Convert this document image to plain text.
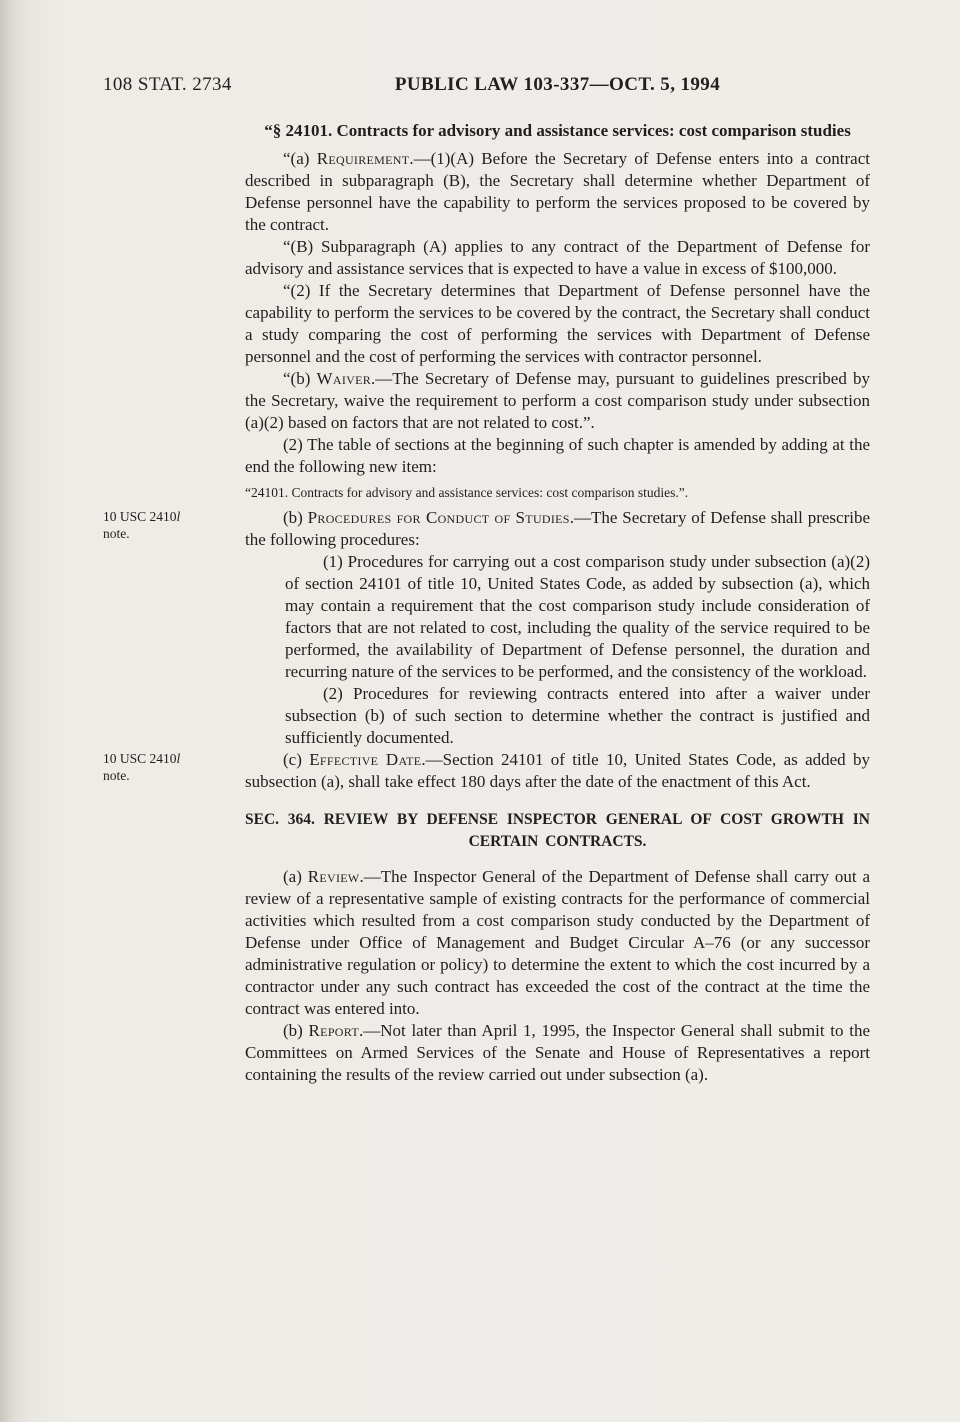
108 STAT. 2734	PUBLIC LAW 103-337—OCT. 5, 1994
“§ 24101. Contracts for advisory and assistance services: cost comparison studies

“(a) Requirement.—(1)(A) Before the Secretary of Defense enters into a contract described in subparagraph (B), the Secretary shall determine whether Department of Defense personnel have the capability to perform the services proposed to be covered by the contract.

“(B) Subparagraph (A) applies to any contract of the Department of Defense for advisory and assistance services that is expected to have a value in excess of $100,000.

“(2) If the Secretary determines that Department of Defense personnel have the capability to perform the services to be covered by the contract, the Secretary shall conduct a study comparing the cost of performing the services with Department of Defense personnel and the cost of performing the services with contractor personnel.

“(b) Waiver.—The Secretary of Defense may, pursuant to guidelines prescribed by the Secretary, waive the requirement to perform a cost comparison study under subsection (a)(2) based on factors that are not related to cost.”.

(2) The table of sections at the beginning of such chapter is amended by adding at the end the following new item:

“24101. Contracts for advisory and assistance services: cost comparison studies.”.

10 USC 2410l note.

(b) Procedures for Conduct of Studies.—The Secretary of Defense shall prescribe the following procedures:

(1) Procedures for carrying out a cost comparison study under subsection (a)(2) of section 24101 of title 10, United States Code, as added by subsection (a), which may contain a requirement that the cost comparison study include consideration of factors that are not related to cost, including the quality of the service required to be performed, the availability of Department of Defense personnel, the duration and recurring nature of the services to be performed, and the consistency of the workload.

(2) Procedures for reviewing contracts entered into after a waiver under subsection (b) of such section to determine whether the contract is justified and sufficiently documented.

10 USC 2410l note.

(c) Effective Date.—Section 24101 of title 10, United States Code, as added by subsection (a), shall take effect 180 days after the date of the enactment of this Act.

SEC. 364. REVIEW BY DEFENSE INSPECTOR GENERAL OF COST GROWTH IN CERTAIN CONTRACTS.

(a) Review.—The Inspector General of the Department of Defense shall carry out a review of a representative sample of existing contracts for the performance of commercial activities which resulted from a cost comparison study conducted by the Department of Defense under Office of Management and Budget Circular A–76 (or any successor administrative regulation or policy) to determine the extent to which the cost incurred by a contractor under any such contract has exceeded the cost of the contract at the time the contract was entered into.

(b) Report.—Not later than April 1, 1995, the Inspector General shall submit to the Committees on Armed Services of the Senate and House of Representatives a report containing the results of the review carried out under subsection (a).
